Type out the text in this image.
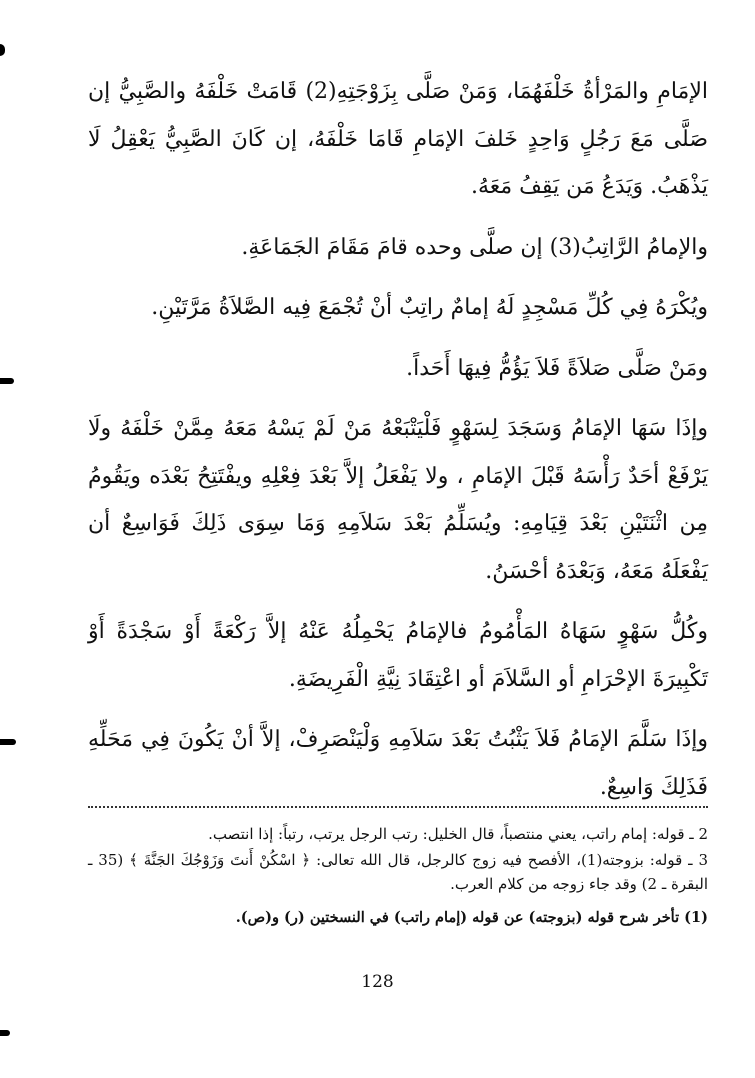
الإمَامِ والمَرْأةُ خَلْفَهُمَا، وَمَنْ صَلَّى بِزَوْجَتِهِ(2) قَامَتْ خَلْفَهُ والصَّبِيُّ إن صَلَّى مَعَ رَجُلٍ وَاحِدٍ خَلفَ الإمَامِ قَامَا خَلْفَهُ، إن كَانَ الصَّبِيُّ يَعْقِلُ لَا يَذْهَبُ. وَيَدَعُ مَن يَقِفُ مَعَهُ.

والإمامُ الرَّاتِبُ(3) إن صلَّى وحده قامَ مَقَامَ الجَمَاعَةِ.

ويُكْرَهُ فِي كُلِّ مَسْجِدٍ لَهُ إمامٌ راتِبٌ أنْ تُجْمَعَ فِيه الصَّلاَةُ مَرَّتَيْنِ.

ومَنْ صَلَّى صَلاَةً فَلاَ يَؤُمُّ فِيهَا أَحَداً.

وإذَا سَهَا الإمَامُ وَسَجَدَ لِسَهْوٍ فَلْيَتْبَعْهُ مَنْ لَمْ يَسْهُ مَعَهُ مِمَّنْ خَلْفَهُ ولَا يَرْفَعْ أحَدٌ رَأْسَهُ قَبْلَ الإمَامِ ، ولا يَفْعَلُ إلاَّ بَعْدَ فِعْلِهِ ويفْتَتِحُ بَعْدَه ويَقُومُ مِن اثْنَتَيْنِ بَعْدَ قِيَامِهِ: ويُسَلِّمُ بَعْدَ سَلاَمِهِ وَمَا سِوَى ذَلِكَ فَوَاسِعٌ أن يَفْعَلَهُ مَعَهُ، وَبَعْدَهُ أحْسَنُ.

وكُلُّ سَهْوٍ سَهَاهُ المَأْمُومُ فالإمَامُ يَحْمِلُهُ عَنْهُ إلاَّ رَكْعَةً أَوْ سَجْدَةً أَوْ تَكْبِيرَةَ الإحْرَامِ أو السَّلاَمَ أو اعْتِقَادَ نِيَّةِ الْفَرِيضَةِ.

وإذَا سَلَّمَ الإمَامُ فَلاَ يَثْبُتُ بَعْدَ سَلاَمِهِ وَلْيَنْصَرِفْ، إلاَّ أنْ يَكُونَ فِي مَحَلِّهِ فَذَلِكَ وَاسِعٌ.

2 ـ قوله: إمام راتب، يعني منتصباً، قال الخليل: رتب الرجل يرتب، رتباً: إذا انتصب.

3 ـ قوله: بزوجته(1)، الأفصح فيه زوج كالرجل، قال الله تعالى: ﴿ اسْكُنْ أَنتَ وَزَوْجُكَ الجَنَّةَ ﴾ (35 ـ البقرة ـ 2) وقد جاء زوجه من كلام العرب.

(1) تأخر شرح قوله (بزوجته) عن قوله (إمام راتب) في النسختين (ر) و(ص).

128
